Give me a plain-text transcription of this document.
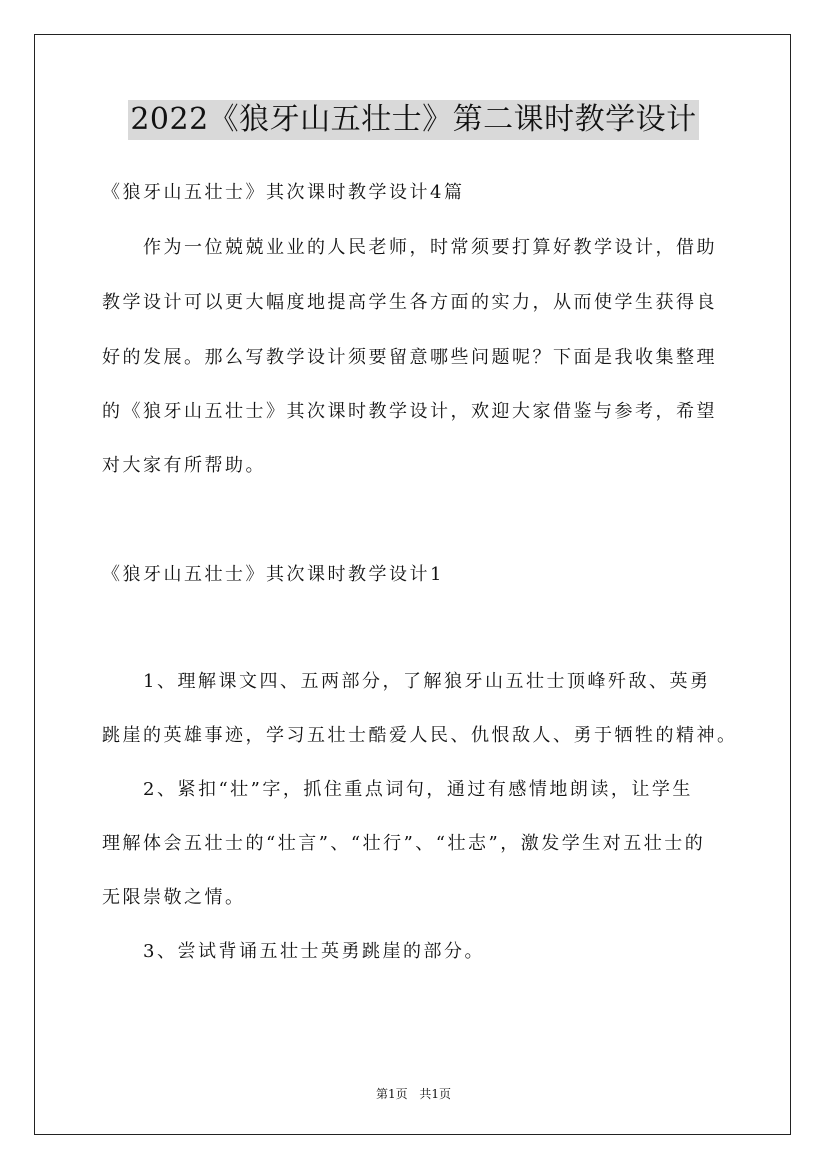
2022《狼牙山五壮士》第二课时教学设计
《狼牙山五壮士》其次课时教学设计4篇
作为一位兢兢业业的人民老师，时常须要打算好教学设计，借助
教学设计可以更大幅度地提高学生各方面的实力，从而使学生获得良
好的发展。那么写教学设计须要留意哪些问题呢？下面是我收集整理
的《狼牙山五壮士》其次课时教学设计，欢迎大家借鉴与参考，希望
对大家有所帮助。
《狼牙山五壮士》其次课时教学设计1
1、理解课文四、五两部分，了解狼牙山五壮士顶峰歼敌、英勇
跳崖的英雄事迹，学习五壮士酷爱人民、仇恨敌人、勇于牺牲的精神。
2、紧扣“壮”字，抓住重点词句，通过有感情地朗读，让学生
理解体会五壮士的“壮言”、“壮行”、“壮志”，激发学生对五壮士的
无限崇敬之情。
3、尝试背诵五壮士英勇跳崖的部分。
第1页 共1页
